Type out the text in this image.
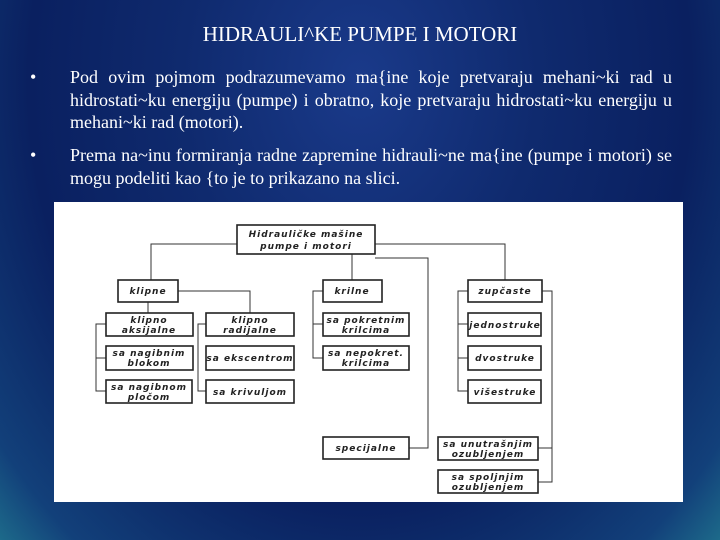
HIDRAULI^KE PUMPE I MOTORI
• Pod ovim pojmom podrazumevamo ma{ine koje pretvaraju mehani~ki rad u hidrostati~ku energiju (pumpe) i obratno, koje pretvaraju hidrostati~ku energiju u mehani~ki rad (motori).
• Prema na~inu formiranja radne zapremine hidrauli~ne ma{ine (pumpe i motori) se mogu podeliti kao {to je to prikazano na slici.
Hidrauličke mašine
pumpe i motori
klipne	krilne	zupčaste
klipno
aksijalne
klipno
radijalne
sa nagibnim
blokom	sa ekscentrom
sa nagibnom
pločom	sa krivuljom
sa pokretnim
krilcima
sa nepokret.
krilcima
jednostruke
dvostruke
višestruke
specijalne	sa unutrašnjim
ozubljenjem
sa spoljnjim
ozubljenjem
